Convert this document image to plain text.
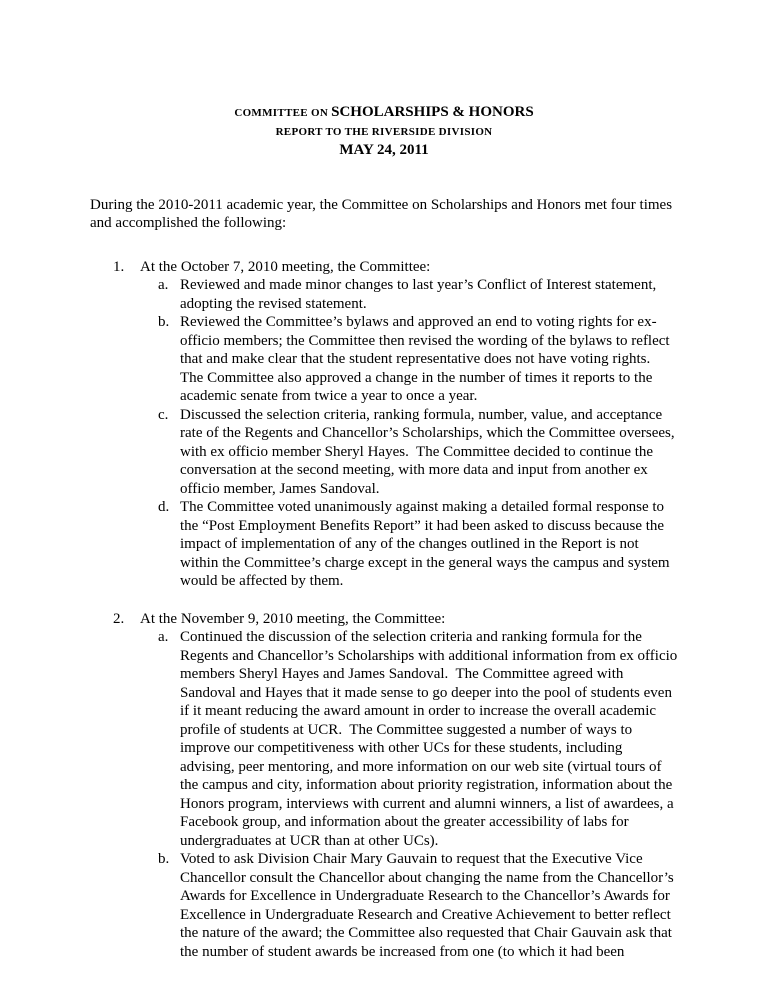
COMMITTEE ON SCHOLARSHIPS & HONORS
REPORT TO THE RIVERSIDE DIVISION
MAY 24, 2011

During the 2010-2011 academic year, the Committee on Scholarships and Honors met four times and accomplished the following:

1.	At the October 7, 2010 meeting, the Committee:
a. Reviewed and made minor changes to last year’s Conflict of Interest statement, adopting the revised statement.
b. Reviewed the Committee’s bylaws and approved an end to voting rights for ex-officio members; the Committee then revised the wording of the bylaws to reflect that and make clear that the student representative does not have voting rights.  The Committee also approved a change in the number of times it reports to the academic senate from twice a year to once a year.
c. Discussed the selection criteria, ranking formula, number, value, and acceptance rate of the Regents and Chancellor’s Scholarships, which the Committee oversees, with ex officio member Sheryl Hayes.  The Committee decided to continue the conversation at the second meeting, with more data and input from another ex officio member, James Sandoval.
d. The Committee voted unanimously against making a detailed formal response to the “Post Employment Benefits Report” it had been asked to discuss because the impact of implementation of any of the changes outlined in the Report is not within the Committee’s charge except in the general ways the campus and system would be affected by them.
2.	At the November 9, 2010 meeting, the Committee:
a. Continued the discussion of the selection criteria and ranking formula for the Regents and Chancellor’s Scholarships with additional information from ex officio members Sheryl Hayes and James Sandoval.  The Committee agreed with Sandoval and Hayes that it made sense to go deeper into the pool of students even if it meant reducing the award amount in order to increase the overall academic profile of students at UCR.  The Committee suggested a number of ways to improve our competitiveness with other UCs for these students, including advising, peer mentoring, and more information on our web site (virtual tours of the campus and city, information about priority registration, information about the Honors program, interviews with current and alumni winners, a list of awardees, a Facebook group, and information about the greater accessibility of labs for undergraduates at UCR than at other UCs).
b. Voted to ask Division Chair Mary Gauvain to request that the Executive Vice Chancellor consult the Chancellor about changing the name from the Chancellor’s Awards for Excellence in Undergraduate Research to the Chancellor’s Awards for Excellence in Undergraduate Research and Creative Achievement to better reflect the nature of the award; the Committee also requested that Chair Gauvain ask that the number of student awards be increased from one (to which it had been
